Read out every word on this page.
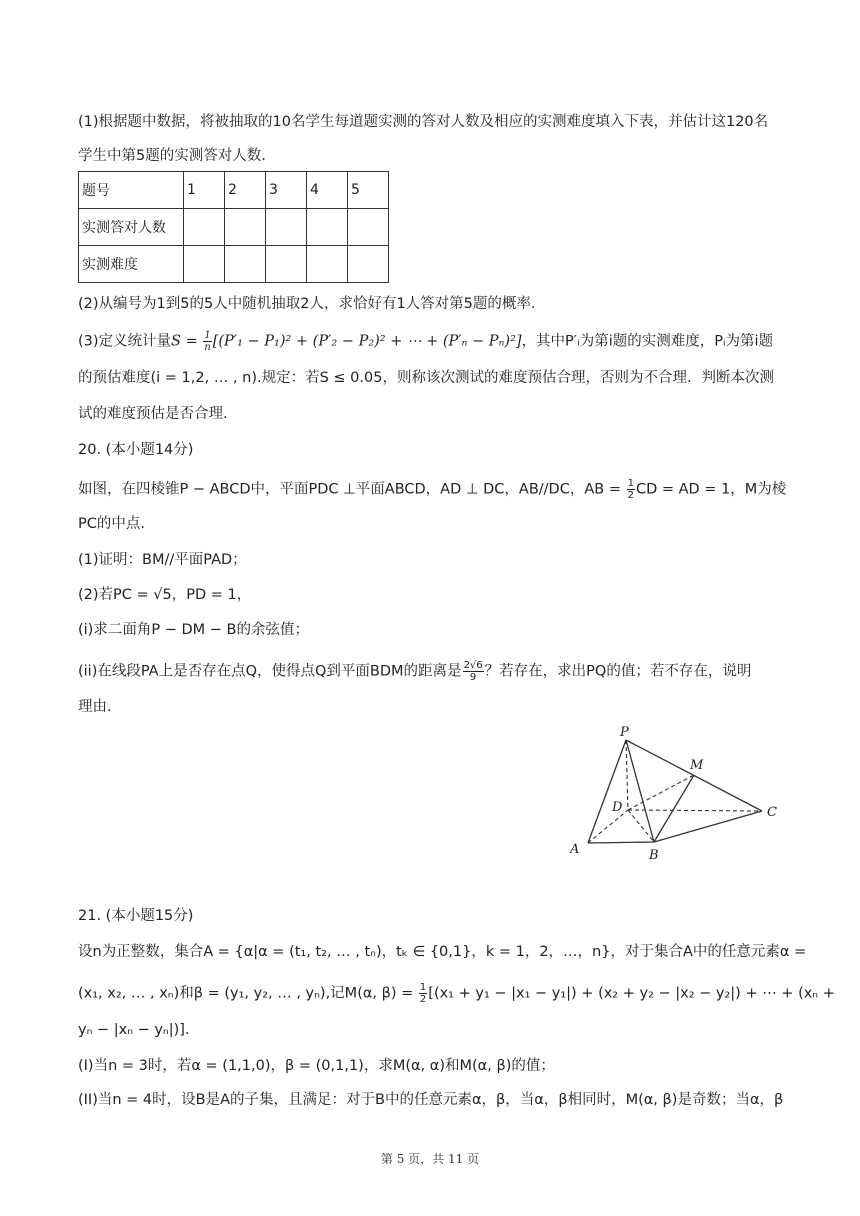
(1)根据题中数据，将被抽取的10名学生每道题实测的答对人数及相应的实测难度填入下表，并估计这120名
学生中第5题的实测答对人数.
题号	1	2	3	4	5
实测答对人数					
实测难度					
(2)从编号为1到5的5人中随机抽取2人，求恰好有1人答对第5题的概率.
(3)定义统计量$S = \frac{1}{n} [(P'_1 - P_1)^2 + (P'_2 - P_2)^2$ + ⋯ + (P′ₙ − Pₙ)²]，其中P′ᵢ为第i题的实测难度，Pᵢ为第i题
的预估难度(i = 1,2, … , n).规定：若S ≤ 0.05，则称该次测试的难度预估合理，否则为不合理．判断本次测
试的难度预估是否合理.
20. (本小题14分)
如图，在四棱锥P − ABCD中，平面PDC ⊥平面ABCD，AD ⊥ DC，AB//DC，AB = $\frac{1}{2}$ CD = AD = 1，M为棱
PC的中点.
(1)证明：BM//平面PAD；
(2)若PC = √5，PD = 1，
(i)求二面角P − DM − B的余弦值；
(ii)在线段PA上是否存在点Q，使得点Q到平面BDM的距离是 $\frac{2√6}{9}$ ？若存在，求出PQ的值；若不存在，说明
理由.
P
M
D	C
A	B
21. (本小题15分)
设n为正整数，集合A = {α|α = (t₁, t₂, … , tₙ)，tₖ ∈ {0,1}，k = 1，2，…，n}，对于集合A中的任意元素α =
(x₁, x₂, … , xₙ)和β = (y₁, y₂, … , yₙ),记M(α, $\beta) = \frac{1}{2} [(x_1 + y_1 - |x_1 - y_1|) + (x_2 + y_2 - |x_2 - y_2|)$ + ⋯ + (xₙ +
yₙ − |xₙ − yₙ|)].
(I)当n = 3时，若α = (1,1,0)，β = (0,1,1)，求M(α, α)和M(α, β)的值；
(II)当n = 4时，设B是A的子集，且满足：对于B中的任意元素α，β，当α，β相同时，M(α, β)是奇数；当α，β
第 5 页，共 11 页
